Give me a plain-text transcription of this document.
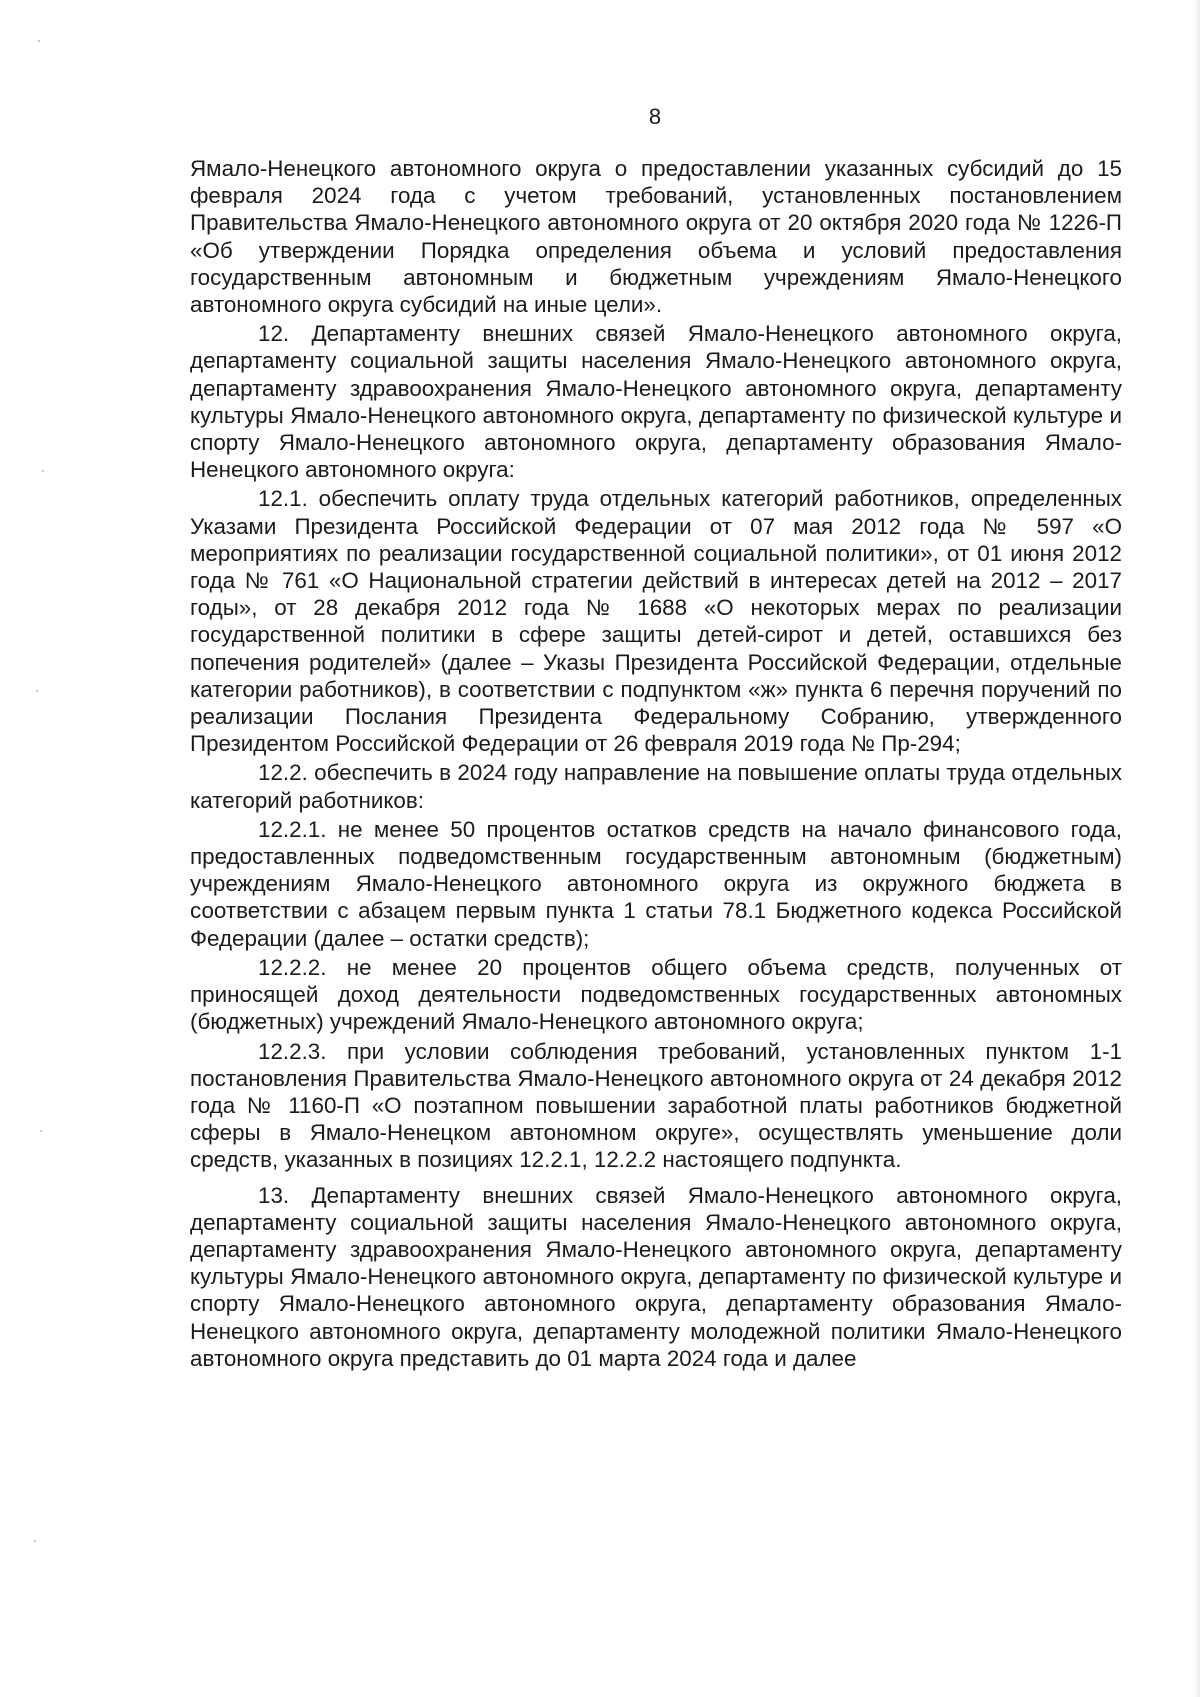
8

Ямало-Ненецкого автономного округа о предоставлении указанных субсидий до 15 февраля 2024 года с учетом требований, установленных постановлением Правительства Ямало-Ненецкого автономного округа от 20 октября 2020 года № 1226-П «Об утверждении Порядка определения объема и условий предоставления государственным автономным и бюджетным учреждениям Ямало-Ненецкого автономного округа субсидий на иные цели».

12. Департаменту внешних связей Ямало-Ненецкого автономного округа, департаменту социальной защиты населения Ямало-Ненецкого автономного округа, департаменту здравоохранения Ямало-Ненецкого автономного округа, департаменту культуры Ямало-Ненецкого автономного округа, департаменту по физической культуре и спорту Ямало-Ненецкого автономного округа, департаменту образования Ямало-Ненецкого автономного округа:

12.1. обеспечить оплату труда отдельных категорий работников, определенных Указами Президента Российской Федерации от 07 мая 2012 года № 597 «О мероприятиях по реализации государственной социальной политики», от 01 июня 2012 года № 761 «О Национальной стратегии действий в интересах детей на 2012 – 2017 годы», от 28 декабря 2012 года № 1688 «О некоторых мерах по реализации государственной политики в сфере защиты детей-сирот и детей, оставшихся без попечения родителей» (далее – Указы Президента Российской Федерации, отдельные категории работников), в соответствии с подпунктом «ж» пункта 6 перечня поручений по реализации Послания Президента Федеральному Собранию, утвержденного Президентом Российской Федерации от 26 февраля 2019 года № Пр-294;

12.2. обеспечить в 2024 году направление на повышение оплаты труда отдельных категорий работников:

12.2.1. не менее 50 процентов остатков средств на начало финансового года, предоставленных подведомственным государственным автономным (бюджетным) учреждениям Ямало-Ненецкого автономного округа из окружного бюджета в соответствии с абзацем первым пункта 1 статьи 78.1 Бюджетного кодекса Российской Федерации (далее – остатки средств);

12.2.2. не менее 20 процентов общего объема средств, полученных от приносящей доход деятельности подведомственных государственных автономных (бюджетных) учреждений Ямало-Ненецкого автономного округа;

12.2.3. при условии соблюдения требований, установленных пунктом 1-1 постановления Правительства Ямало-Ненецкого автономного округа от 24 декабря 2012 года № 1160-П «О поэтапном повышении заработной платы работников бюджетной сферы в Ямало-Ненецком автономном округе», осуществлять уменьшение доли средств, указанных в позициях 12.2.1, 12.2.2 настоящего подпункта.

13. Департаменту внешних связей Ямало-Ненецкого автономного округа, департаменту социальной защиты населения Ямало-Ненецкого автономного округа, департаменту здравоохранения Ямало-Ненецкого автономного округа, департаменту культуры Ямало-Ненецкого автономного округа, департаменту по физической культуре и спорту Ямало-Ненецкого автономного округа, департаменту образования Ямало-Ненецкого автономного округа, департаменту молодежной политики Ямало-Ненецкого автономного округа представить до 01 марта 2024 года и далее
